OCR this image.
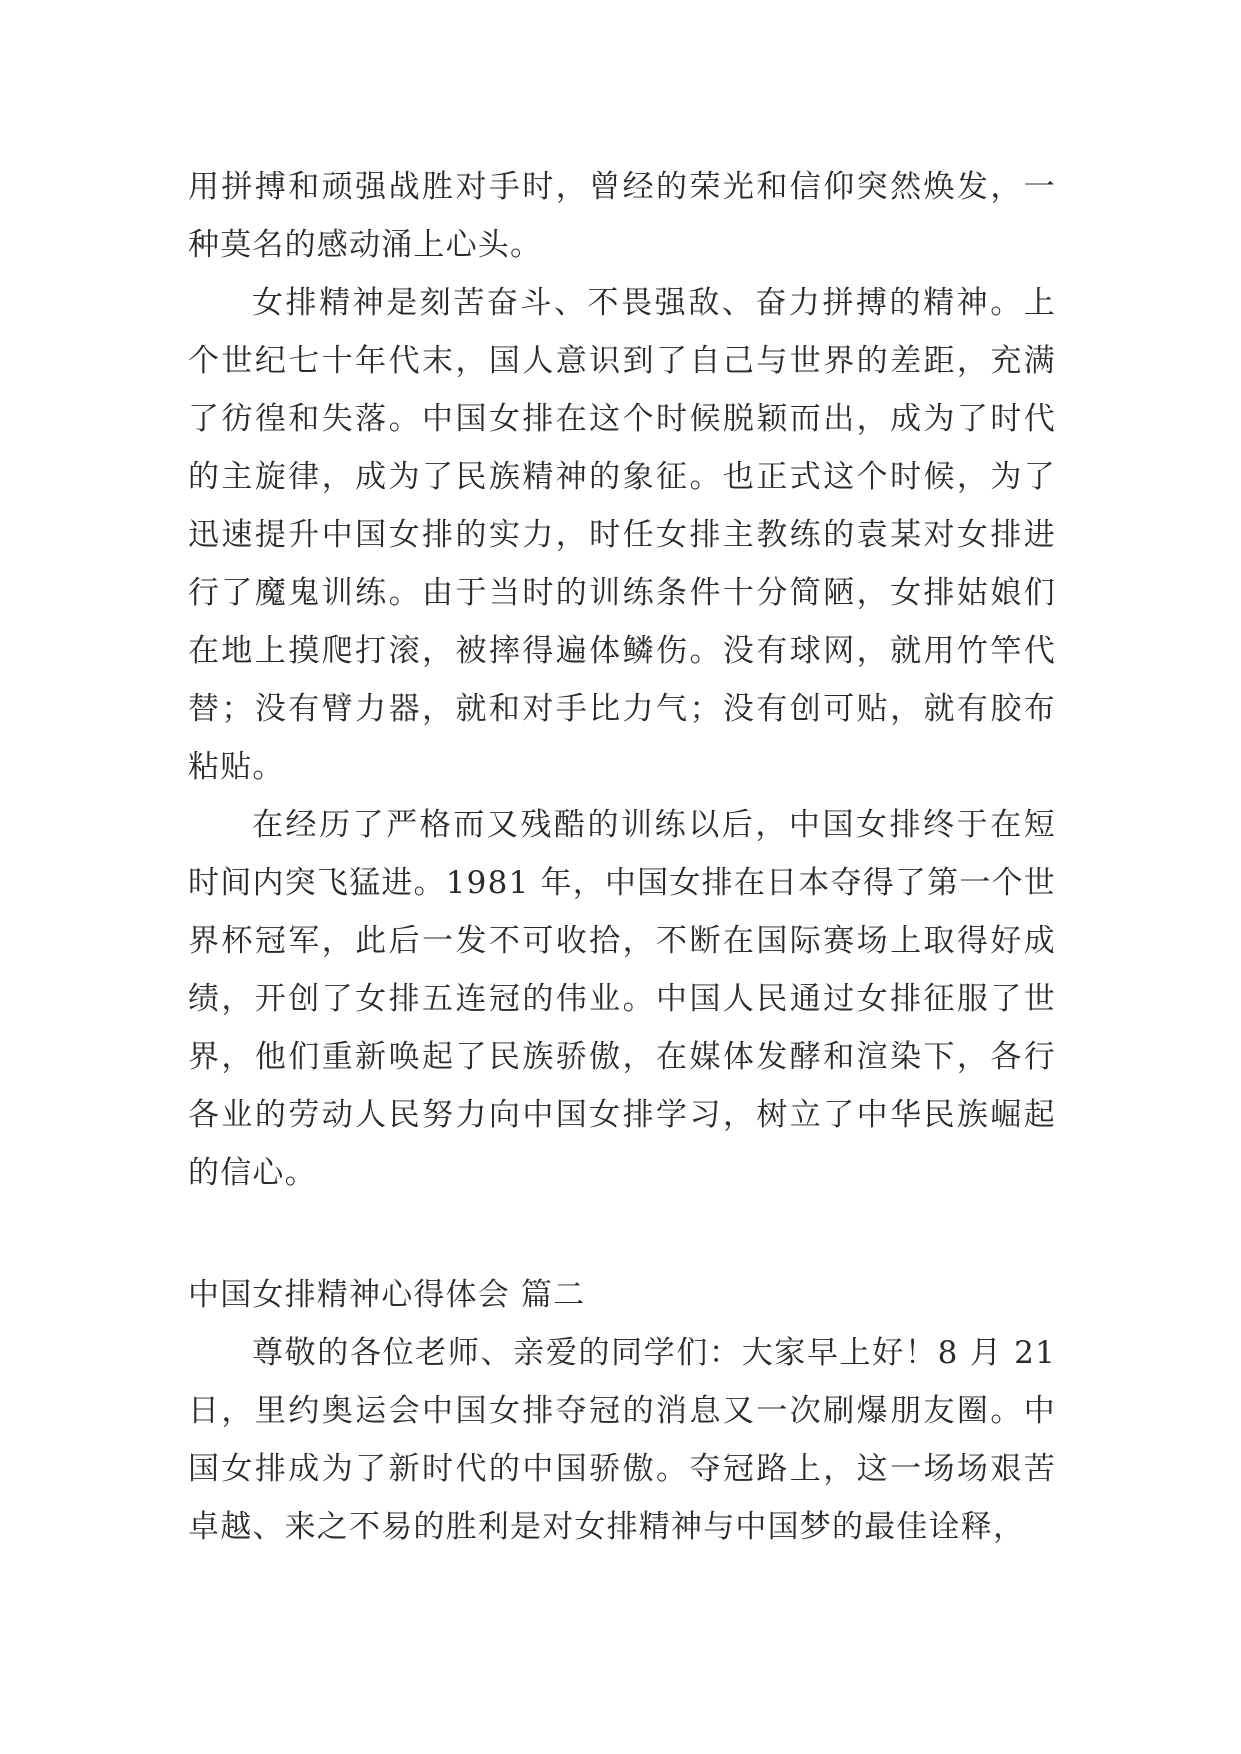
用拼搏和顽强战胜对手时，曾经的荣光和信仰突然焕发，一种莫名的感动涌上心头。

女排精神是刻苦奋斗、不畏强敌、奋力拼搏的精神。上个世纪七十年代末，国人意识到了自己与世界的差距，充满了彷徨和失落。中国女排在这个时候脱颖而出，成为了时代的主旋律，成为了民族精神的象征。也正式这个时候，为了迅速提升中国女排的实力，时任女排主教练的袁某对女排进行了魔鬼训练。由于当时的训练条件十分简陋，女排姑娘们在地上摸爬打滚，被摔得遍体鳞伤。没有球网，就用竹竿代替；没有臂力器，就和对手比力气；没有创可贴，就有胶布粘贴。

在经历了严格而又残酷的训练以后，中国女排终于在短时间内突飞猛进。1981 年，中国女排在日本夺得了第一个世界杯冠军，此后一发不可收拾，不断在国际赛场上取得好成绩，开创了女排五连冠的伟业。中国人民通过女排征服了世界，他们重新唤起了民族骄傲，在媒体发酵和渲染下，各行各业的劳动人民努力向中国女排学习，树立了中华民族崛起的信心。

中国女排精神心得体会 篇二

尊敬的各位老师、亲爱的同学们：大家早上好！8 月 21 日，里约奥运会中国女排夺冠的消息又一次刷爆朋友圈。中国女排成为了新时代的中国骄傲。夺冠路上，这一场场艰苦卓越、来之不易的胜利是对女排精神与中国梦的最佳诠释，
